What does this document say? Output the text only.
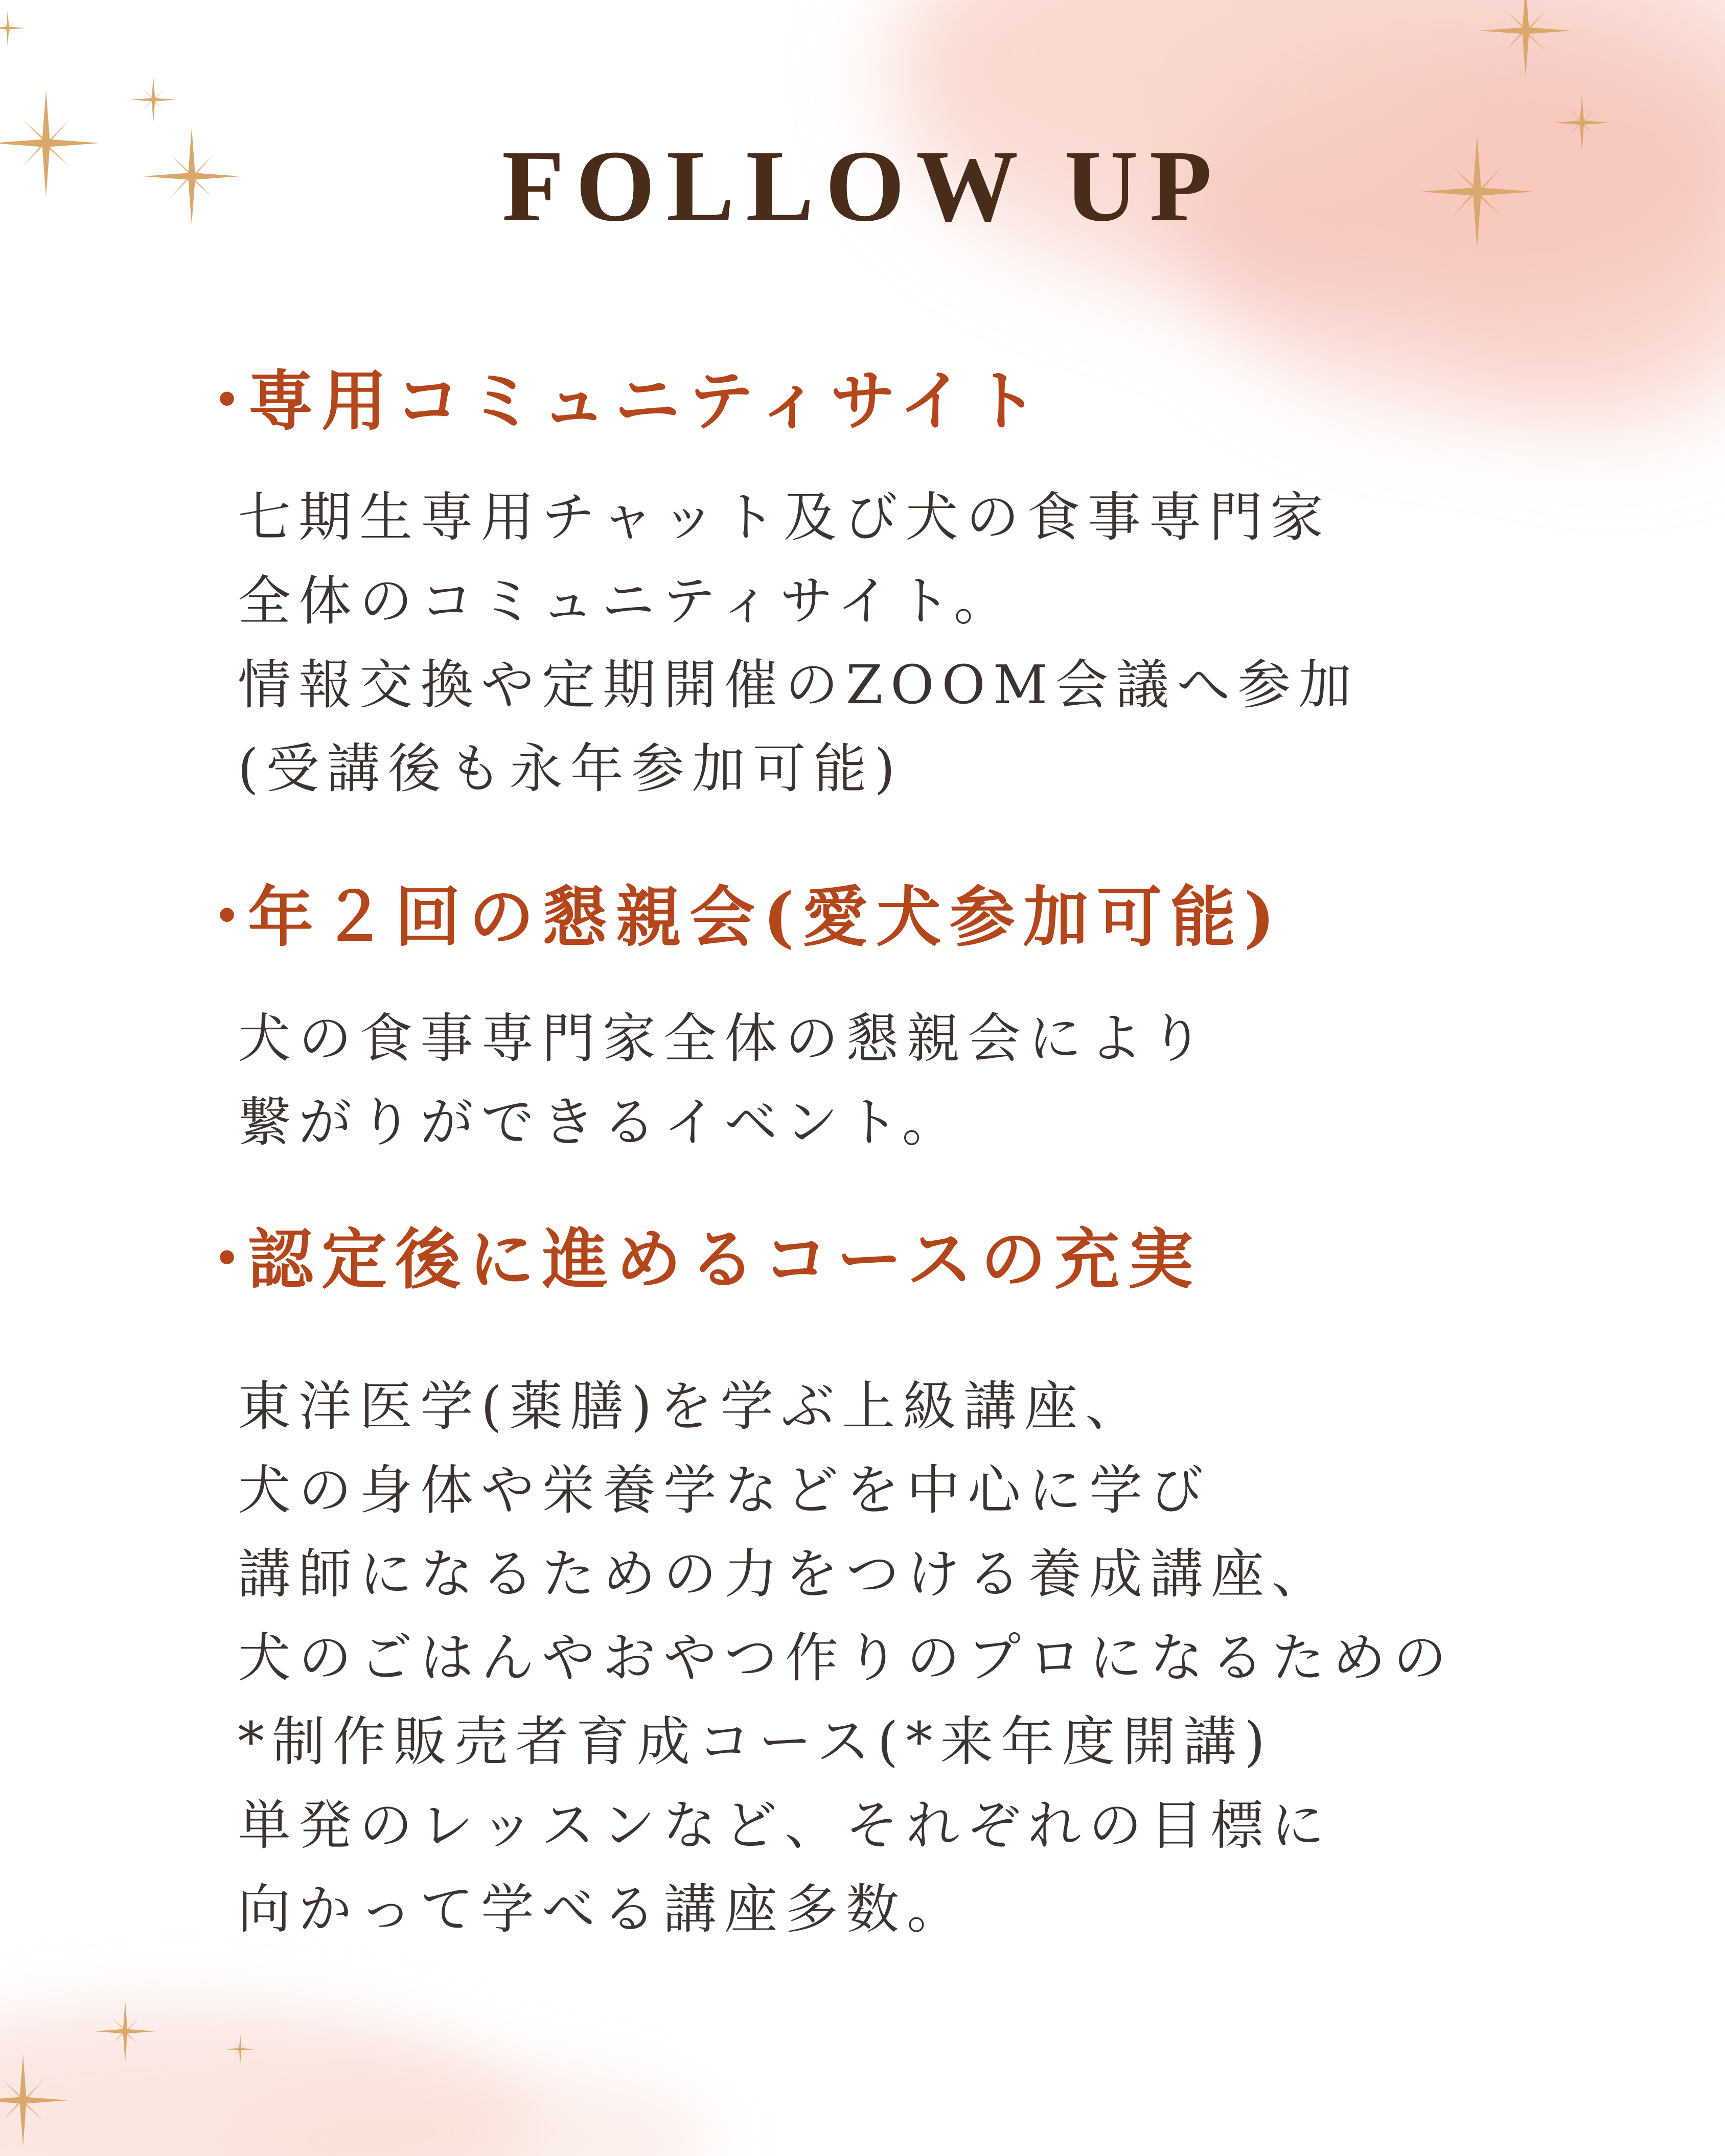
FOLLOW UP
・専用コミュニティサイト
七期生専用チャット及び犬の食事専門家
全体のコミュニティサイト。
情報交換や定期開催のZOOM会議へ参加
(受講後も永年参加可能)
・年２回の懇親会(愛犬参加可能)
犬の食事専門家全体の懇親会により
繋がりができるイベント。
・認定後に進めるコースの充実
東洋医学(薬膳)を学ぶ上級講座、
犬の身体や栄養学などを中心に学び
講師になるための力をつける養成講座、
犬のごはんやおやつ作りのプロになるための
*制作販売者育成コース(*来年度開講)
単発のレッスンなど、それぞれの目標に
向かって学べる講座多数。
